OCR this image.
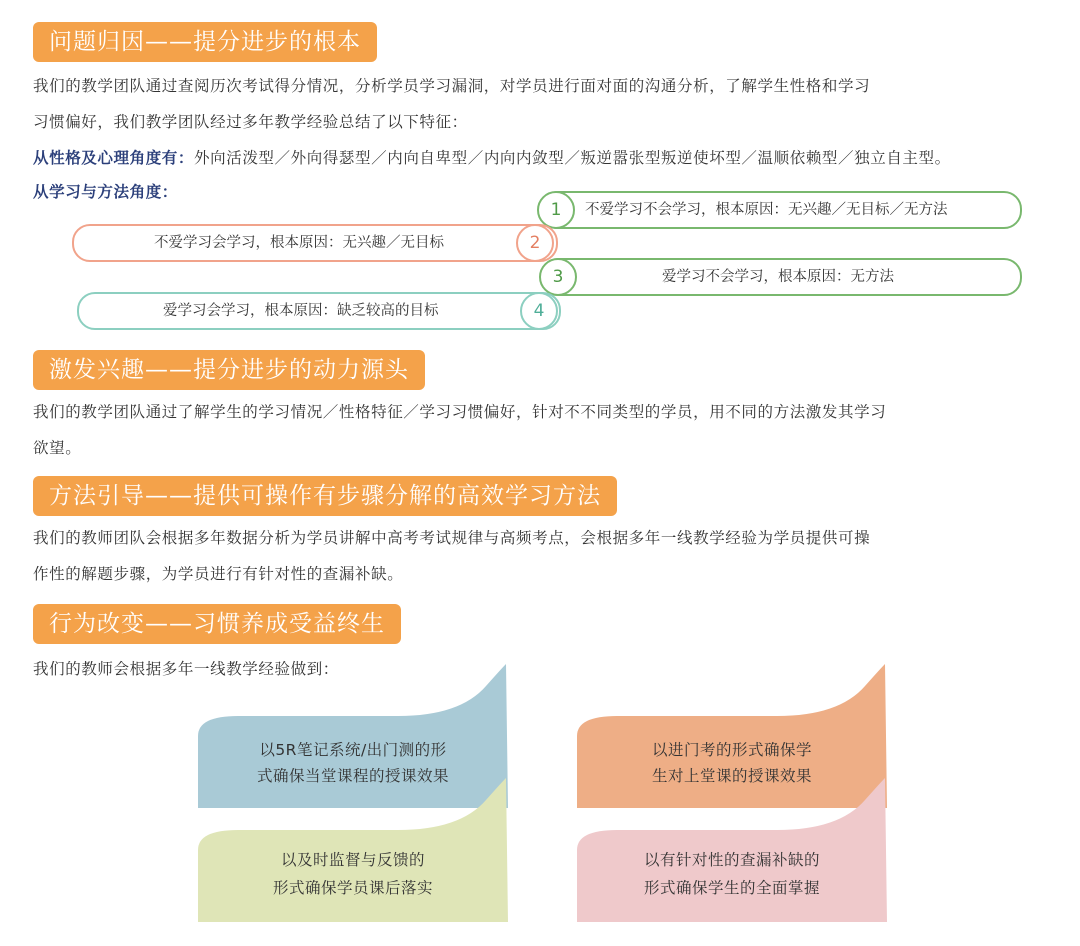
问题归因——提分进步的根本
我们的教学团队通过查阅历次考试得分情况，分析学员学习漏洞，对学员进行面对面的沟通分析，了解学生性格和学习
习惯偏好，我们教学团队经过多年教学经验总结了以下特征：
从性格及心理角度有：外向活泼型／外向得瑟型／内向自卑型／内向内敛型／叛逆嚣张型叛逆使坏型／温顺依赖型／独立自主型。
从学习与方法角度：
不爱学习不会学习，根本原因：无兴趣／无目标／无方法
1
不爱学习会学习，根本原因：无兴趣／无目标	2
爱学习不会学习，根本原因：无方法
3
爱学习会学习，根本原因：缺乏较高的目标	4
激发兴趣——提分进步的动力源头
我们的教学团队通过了解学生的学习情况／性格特征／学习习惯偏好，针对不不同类型的学员，用不同的方法激发其学习
欲望。
方法引导——提供可操作有步骤分解的高效学习方法
我们的教师团队会根据多年数据分析为学员讲解中高考考试规律与高频考点，会根据多年一线教学经验为学员提供可操
作性的解题步骤，为学员进行有针对性的查漏补缺。
行为改变——习惯养成受益终生
我们的教师会根据多年一线教学经验做到：
以5R笔记系统/出门测的形
式确保当堂课程的授课效果
以进门考的形式确保学
生对上堂课的授课效果
以及时监督与反馈的
形式确保学员课后落实
以有针对性的查漏补缺的
形式确保学生的全面掌握
